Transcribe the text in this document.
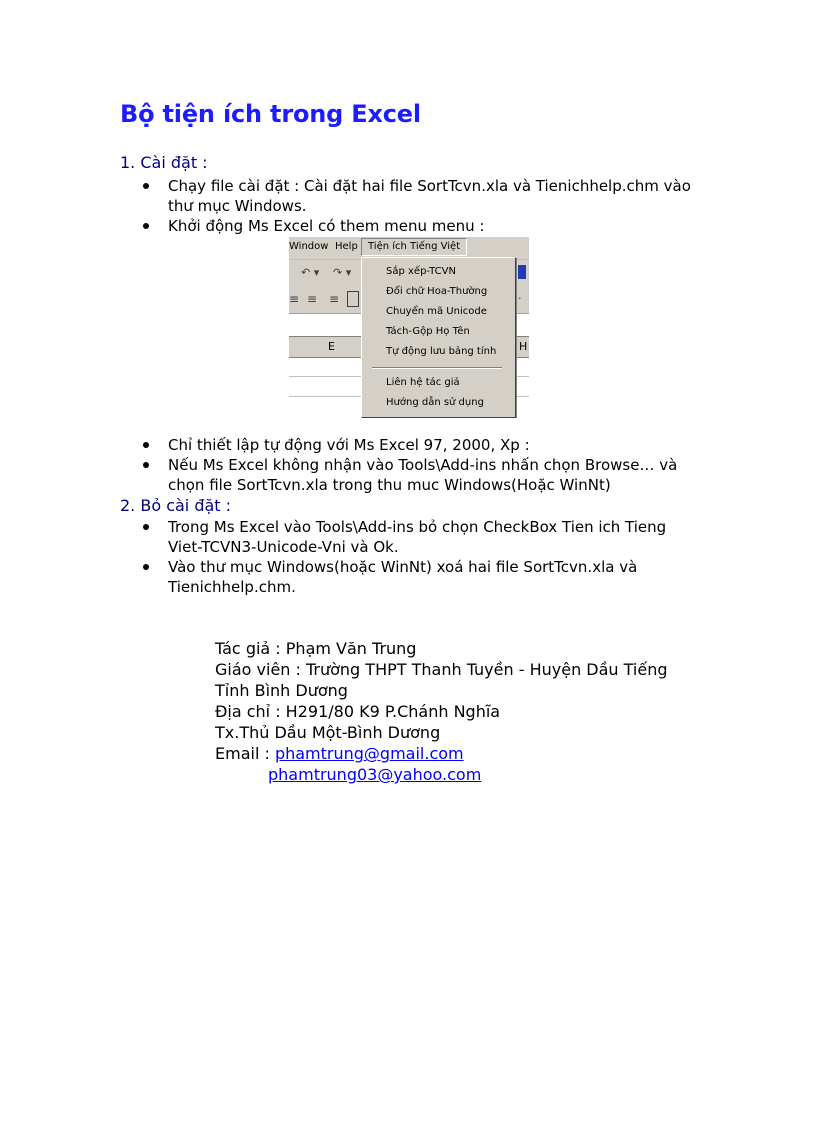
Bộ tiện ích trong Excel
1. Cài đặt :
Chạy file cài đặt : Cài đặt hai file SortTcvn.xla và Tienichhelp.chm vào thư mục Windows.
Khởi động Ms Excel có them menu menu :
Window Help	Tiện ích Tiếng Việt
↶ ▾ ↷ ▾
≡ ≡ ≡	·
E	H
Sắp xếp-TCVN
Đổi chữ Hoa-Thường
Chuyển mã Unicode
Tách-Gộp Họ Tên
Tự động lưu bảng tính
Liên hệ tác giả
Hướng dẫn sử dụng
Chỉ thiết lập tự động với Ms Excel 97, 2000, Xp :
Nếu Ms Excel không nhận vào Tools\Add-ins nhấn chọn Browse… và chọn file SortTcvn.xla trong thu muc Windows(Hoặc WinNt)
2. Bỏ cài đặt :
Trong Ms Excel vào Tools\Add-ins bỏ chọn CheckBox Tien ich Tieng Viet-TCVN3-Unicode-Vni và Ok.
Vào thư mục Windows(hoặc WinNt) xoá hai file SortTcvn.xla và Tienichhelp.chm.
Tác giả : Phạm Văn Trung
Giáo viên : Trường THPT Thanh Tuyền - Huyện Dầu Tiếng
Tỉnh Bình Dương
Địa chỉ : H291/80 K9 P.Chánh Nghĩa
Tx.Thủ Dầu Một-Bình Dương
Email : phamtrung@gmail.com
phamtrung03@yahoo.com
